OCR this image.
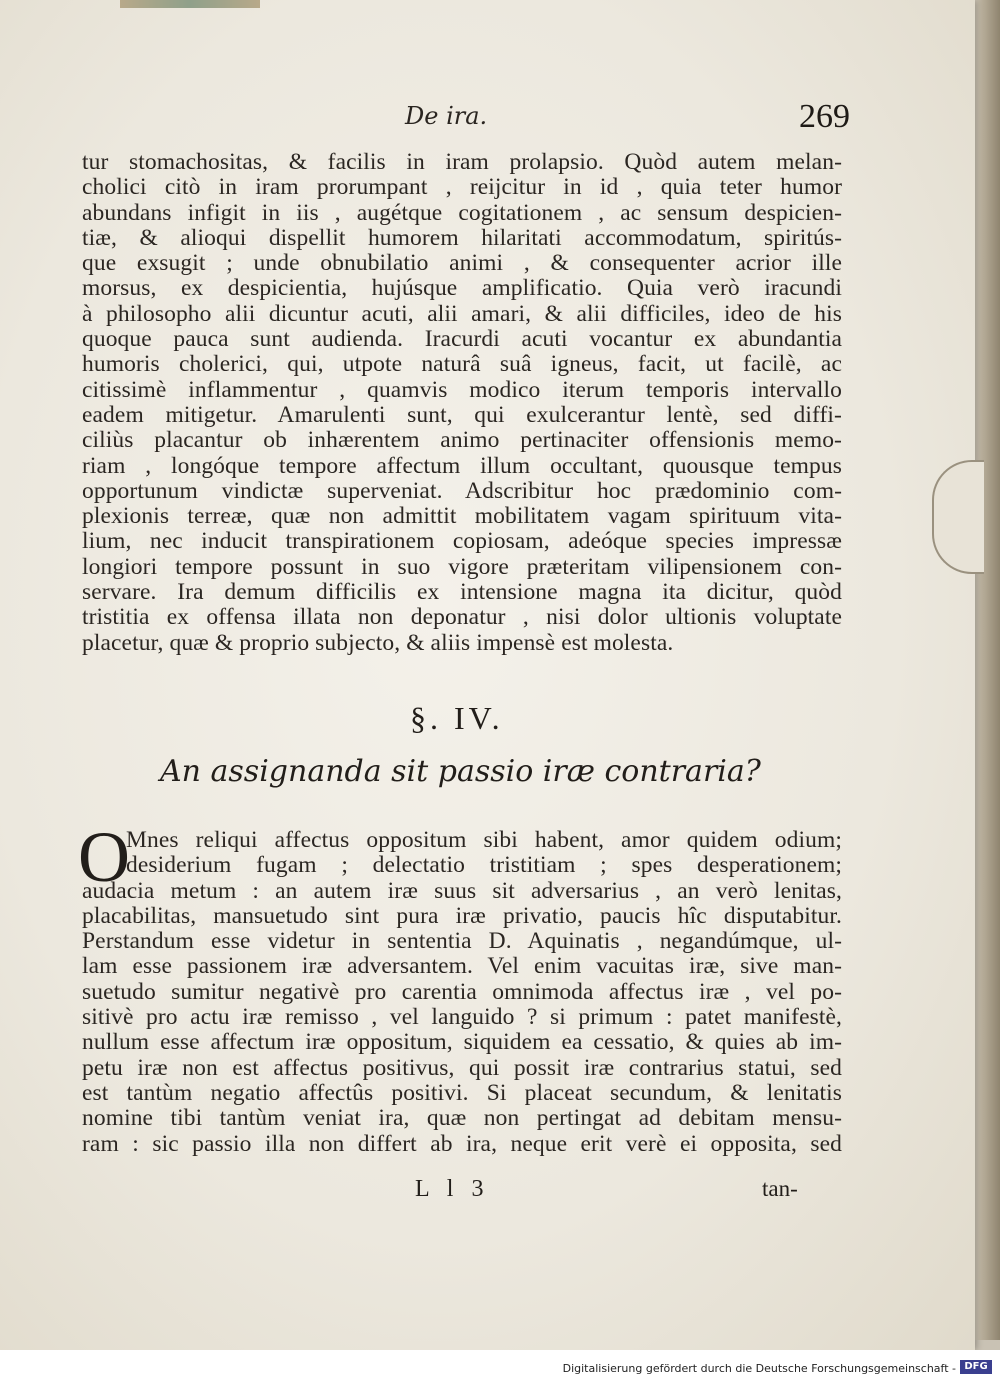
De ira.	269
tur stomachositas, & facilis in iram prolapsio. Quòd autem melan-
cholici citò in iram prorumpant , reijcitur in id , quia teter humor
abundans infigit in iis , augétque cogitationem , ac sensum despicien-
tiæ, & alioqui dispellit humorem hilaritati accommodatum, spiritús-
que exsugit ; unde obnubilatio animi , & consequenter acrior ille
morsus, ex despicientia, hujúsque amplificatio. Quia verò iracundi
à philosopho alii dicuntur acuti, alii amari, & alii difficiles, ideo de his
quoque pauca sunt audienda. Iracurdi acuti vocantur ex abundantia
humoris cholerici, qui, utpote naturâ suâ igneus, facit, ut facilè, ac
citissimè inflammentur , quamvis modico iterum temporis intervallo
eadem mitigetur. Amarulenti sunt, qui exulcerantur lentè, sed diffi-
ciliùs placantur ob inhærentem animo pertinaciter offensionis memo-
riam , longóque tempore affectum illum occultant, quousque tempus
opportunum vindictæ superveniat. Adscribitur hoc prædominio com-
plexionis terreæ, quæ non admittit mobilitatem vagam spirituum vita-
lium, nec inducit transpirationem copiosam, adeóque species impressæ
longiori tempore possunt in suo vigore præteritam vilipensionem con-
servare. Ira demum difficilis ex intensione magna ita dicitur, quòd
tristitia ex offensa illata non deponatur , nisi dolor ultionis voluptate
placetur, quæ & proprio subjecto, & aliis impensè est molesta.
§. IV.
An assignanda sit passio iræ contraria?
O
Mnes reliqui affectus oppositum sibi habent, amor quidem odium;
desiderium fugam ; delectatio tristitiam ; spes desperationem;
audacia metum : an autem iræ suus sit adversarius , an verò lenitas,
placabilitas, mansuetudo sint pura iræ privatio, paucis hîc disputabitur.
Perstandum esse videtur in sententia D. Aquinatis , negandúmque, ul-
lam esse passionem iræ adversantem. Vel enim vacuitas iræ, sive man-
suetudo sumitur negativè pro carentia omnimoda affectus iræ , vel po-
sitivè pro actu iræ remisso , vel languido ? si primum : patet manifestè,
nullum esse affectum iræ oppositum, siquidem ea cessatio, & quies ab im-
petu iræ non est affectus positivus, qui possit iræ contrarius statui, sed
est tantùm negatio affectûs positivi. Si placeat secundum, & lenitatis
nomine tibi tantùm veniat ira, quæ non pertingat ad debitam mensu-
ram : sic passio illa non differt ab ira, neque erit verè ei opposita, sed
L l 3	tan-
Digitalisierung gefördert durch die Deutsche Forschungsgemeinschaft - DFG
